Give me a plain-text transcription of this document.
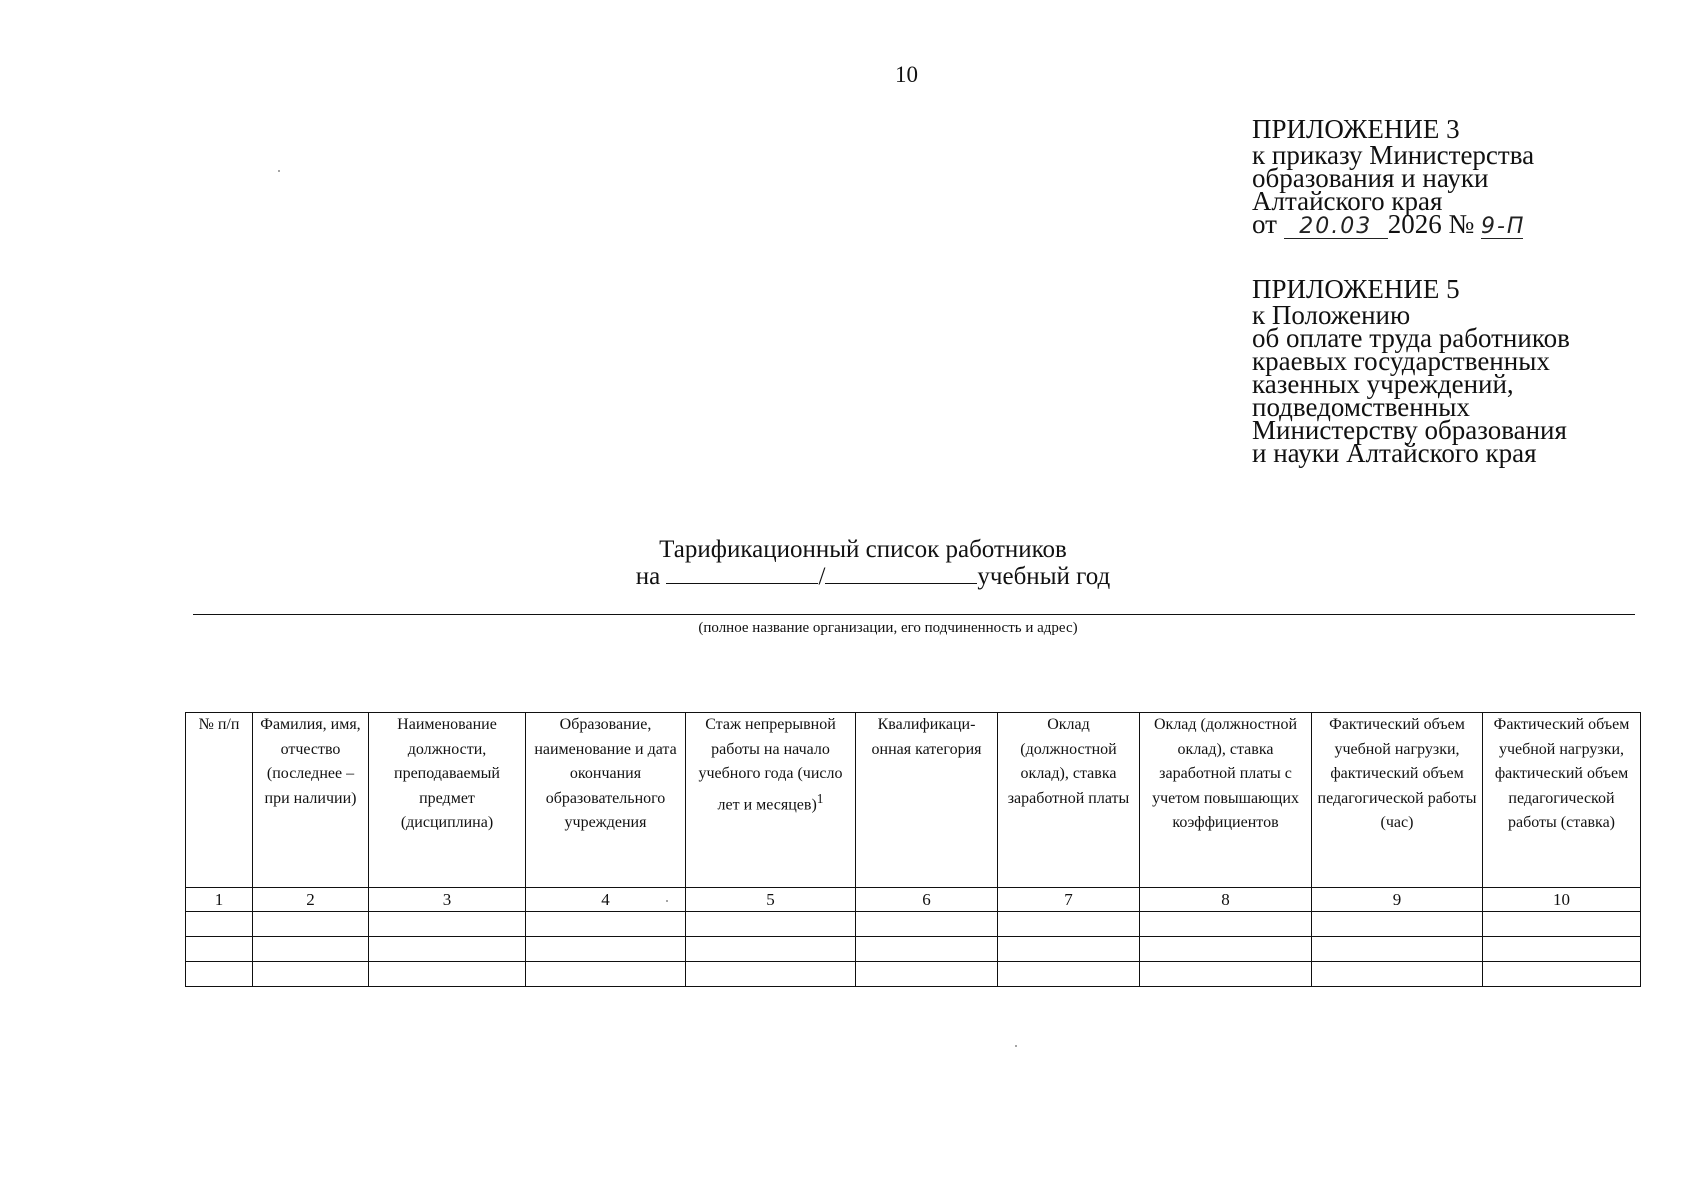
10
ПРИЛОЖЕНИЕ 3
к приказу Министерства
образования и науки
Алтайского края
от 20.03 2026 № 9-П
ПРИЛОЖЕНИЕ 5
к Положению
об оплате труда работников
краевых государственных
казенных учреждений,
подведомственных
Министерству образования
и науки Алтайского края
Тарификационный список работников
на	/	учебный год
(полное название организации, его подчиненность и адрес)
№ п/п	Фамилия, имя, отчество (последнее – при наличии)	Наименование должности, преподаваемый предмет (дисциплина)	Образование, наименование и дата окончания образовательного учреждения	Стаж непрерывной работы на начало учебного года (число лет и месяцев)$^1$	Квалификаци-онная категория	Оклад (должностной оклад), ставка заработной платы	Оклад (должностной оклад), ставка заработной платы с учетом повышающих коэффициентов	Фактический объем учебной нагрузки, фактический объем педагогической работы (час)	Фактический объем учебной нагрузки, фактический объем педагогической работы (ставка)
1	2	3	4	5	6	7	8	9	10
